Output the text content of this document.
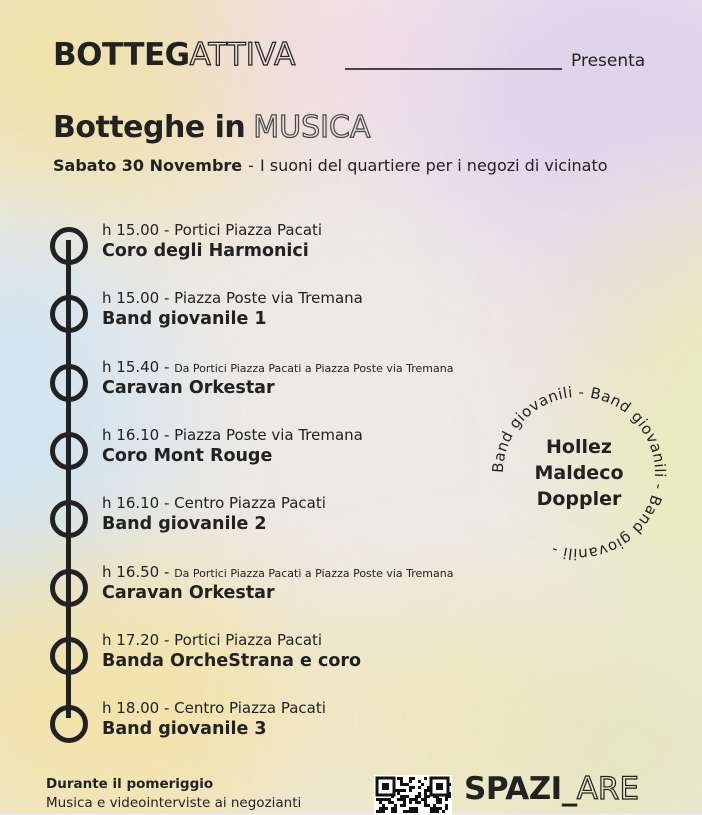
BOTTEG ATTIVA	Presenta
Botteghe in MUSICA
Sabato 30 Novembre - I suoni del quartiere per i negozi di vicinato
h 15.00 - Portici Piazza Pacati
Coro degli Harmonici
h 15.00 - Piazza Poste via Tremana
Band giovanile 1
h 15.40 - Da Portici Piazza Pacati a Piazza Poste via Tremana
Caravan Orkestar
h 16.10 - Piazza Poste via Tremana
Coro Mont Rouge
h 16.10 - Centro Piazza Pacati
Band giovanile 2
h 16.50 - Da Portici Piazza Pacati a Piazza Poste via Tremana
Caravan Orkestar
h 17.20 - Portici Piazza Pacati
Banda OrcheStrana e coro
h 18.00 - Centro Piazza Pacati
Band giovanile 3
Band giovanili - Band giovanili - Band giovanili -
Hollez
Maldeco
Doppler
Durante il pomeriggio
Musica e videointerviste ai negozianti	SPAZI_ ARE
